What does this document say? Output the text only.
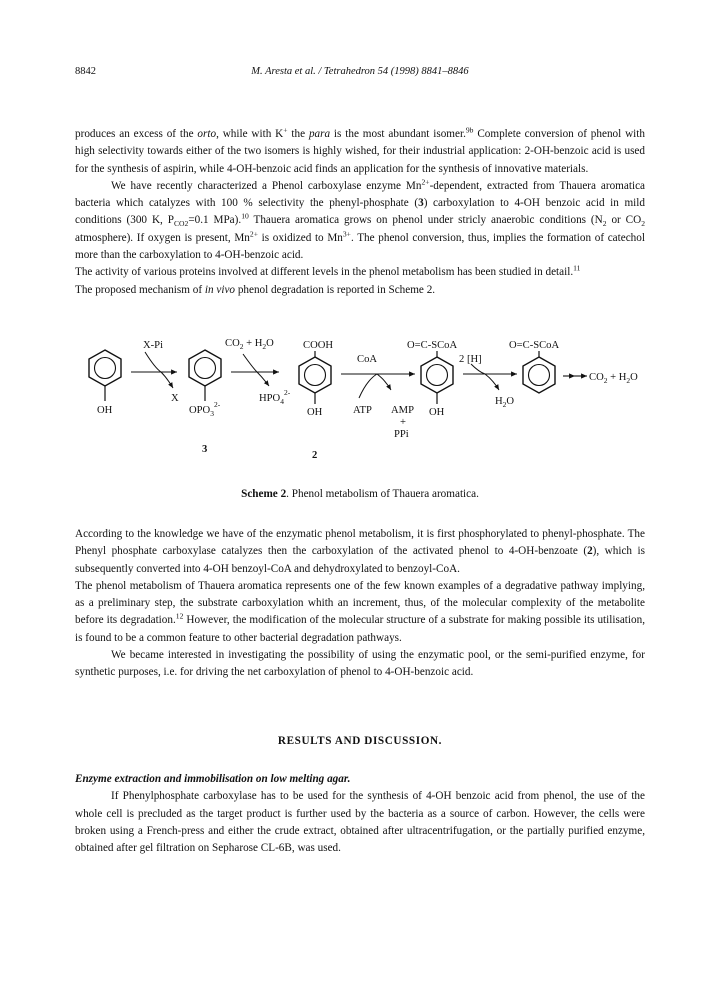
8842	M. Aresta et al. / Tetrahedron 54 (1998) 8841–8846

produces an excess of the orto, while with K+ the para is the most abundant isomer.$^{9b}$ Complete conversion of phenol with high selectivity towards either of the two isomers is highly wished, for their industrial application: 2-OH-benzoic acid is used for the synthesis of aspirin, while 4-OH-benzoic acid finds an application for the synthesis of innovative materials.

We have recently characterized a Phenol carboxylase enzyme $Mn^{2+}$-dependent, extracted from Thauera aromatica bacteria which catalyzes with 100 % selectivity the phenyl-phosphate (3) carboxylation to 4-OH benzoic acid in mild conditions (300 K, $P_{CO2}=0.1$ MPa).$^{10}$ Thauera aromatica grows on phenol under stricly anaerobic conditions ($N_2$ or $CO_2$ atmosphere). If oxygen is present, $Mn^{2+}$ is oxidized to $Mn^{3+}$. The phenol conversion, thus, implies the formation of catechol more than the carboxylation to 4-OH-benzoic acid.

The activity of various proteins involved at different levels in the phenol metabolism has been studied in detail.$^{11}$

The proposed mechanism of in vivo phenol degradation is reported in Scheme 2.

OH
X-Pi
X
$OPO_3^{2-}$
3
$CO_2 + H_2O$
$HPO_4^{2-}$
COOH
OH
2
CoA
ATP AMP
+
PPi
O=C-SCoA
OH
2 [H]
$H_2O$
O=C-SCoA
$CO_2 + H_2O$
Scheme 2. Phenol metabolism of Thauera aromatica.

According to the knowledge we have of the enzymatic phenol metabolism, it is first phosphorylated to phenyl-phosphate. The Phenyl phosphate carboxylase catalyzes then the carboxylation of the activated phenol to 4-OH-benzoate (2), which is subsequently converted into 4-OH benzoyl-CoA and dehydroxylated to benzoyl-CoA.

The phenol metabolism of Thauera aromatica represents one of the few known examples of a degradative pathway implying, as a preliminary step, the substrate carboxylation whith an increment, thus, of the molecular complexity of the metabolite before its degradation.$^{12}$ However, the modification of the molecular structure of a substrate for making possible its utilisation, is found to be a common feature to other bacterial degradation pathways.

We became interested in investigating the possibility of using the enzymatic pool, or the semi-purified enzyme, for synthetic purposes, i.e. for driving the net carboxylation of phenol to 4-OH-benzoic acid.

RESULTS AND DISCUSSION.

Enzyme extraction and immobilisation on low melting agar.

If Phenylphosphate carboxylase has to be used for the synthesis of 4-OH benzoic acid from phenol, the use of the whole cell is precluded as the target product is further used by the bacteria as a source of carbon. However, the cells were broken using a French-press and either the crude extract, obtained after ultracentrifugation, or the partially purified enzyme, obtained after gel filtration on Sepharose CL-6B, was used.
